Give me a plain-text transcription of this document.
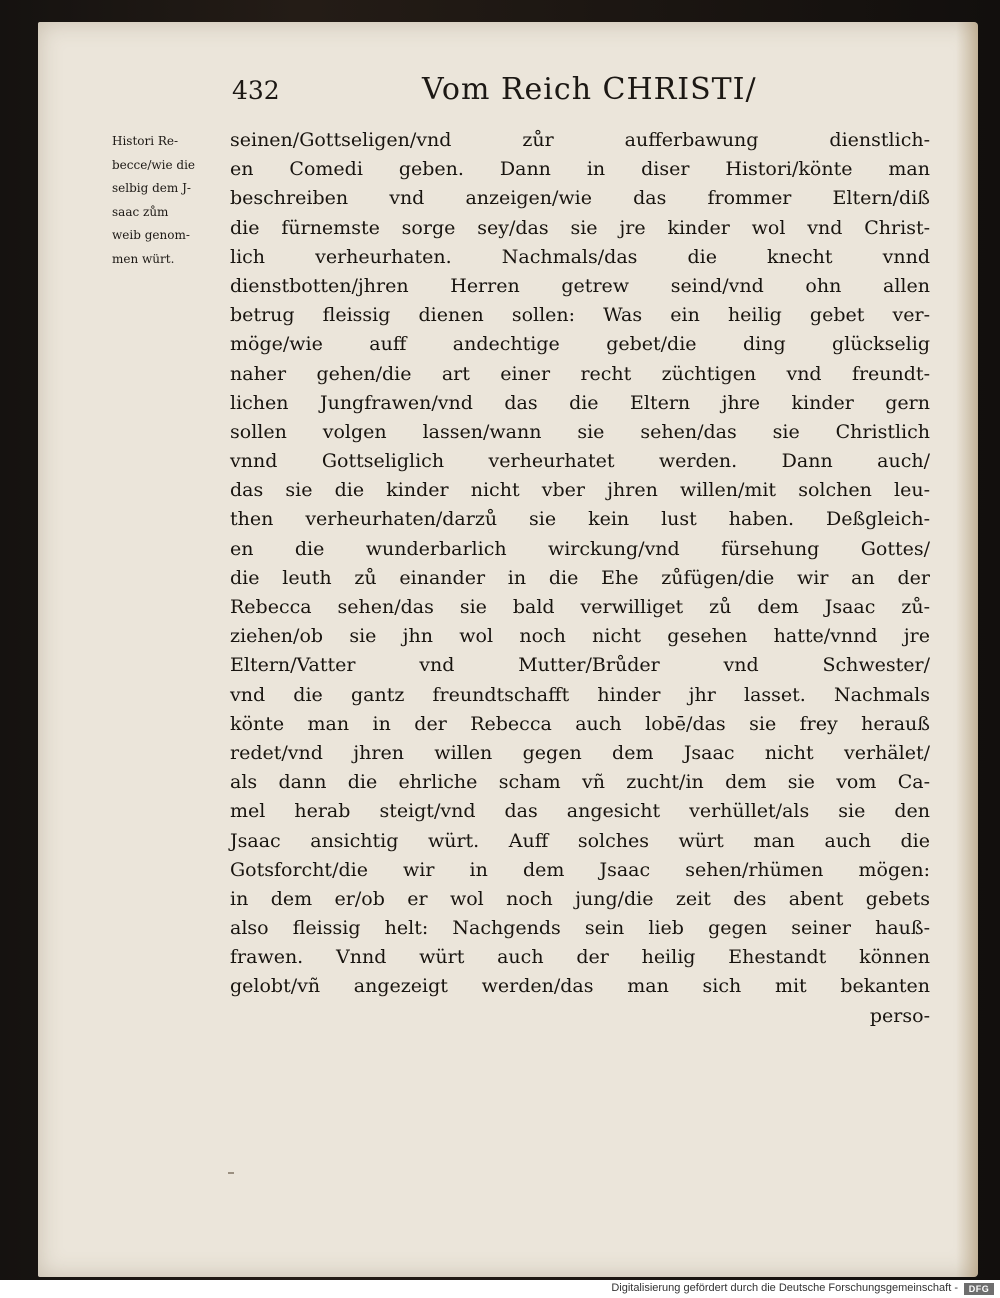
432	Vom Reich CHRISTI/
Histori Re-
becce/wie die
selbig dem J-
saac zům
weib genom-
men würt.
seinen/Gottseligen/vnd zůr aufferbawung dienstlich-
en Comedi geben. Dann in diser Histori/könte man
beschreiben vnd anzeigen/wie das frommer Eltern/diß
die fürnemste sorge sey/das sie jre kinder wol vnd Christ-
lich verheurhaten. Nachmals/das die knecht vnnd
dienstbotten/jhren Herren getrew seind/vnd ohn allen
betrug fleissig dienen sollen: Was ein heilig gebet ver-
möge/wie auff andechtige gebet/die ding glückselig
naher gehen/die art einer recht züchtigen vnd freundt-
lichen Jungfrawen/vnd das die Eltern jhre kinder gern
sollen volgen lassen/wann sie sehen/das sie Christlich
vnnd Gottseliglich verheurhatet werden. Dann auch/
das sie die kinder nicht vber jhren willen/mit solchen leu-
then verheurhaten/darzů sie kein lust haben. Deßgleich-
en die wunderbarlich wirckung/vnd fürsehung Gottes/
die leuth zů einander in die Ehe zůfügen/die wir an der
Rebecca sehen/das sie bald verwilliget zů dem Jsaac zů-
ziehen/ob sie jhn wol noch nicht gesehen hatte/vnnd jre
Eltern/Vatter vnd Mutter/Brůder vnd Schwester/
vnd die gantz freundtschafft hinder jhr lasset. Nachmals
könte man in der Rebecca auch lobē/das sie frey herauß
redet/vnd jhren willen gegen dem Jsaac nicht verhälet/
als dann die ehrliche scham vñ zucht/in dem sie vom Ca-
mel herab steigt/vnd das angesicht verhüllet/als sie den
Jsaac ansichtig würt. Auff solches würt man auch die
Gotsforcht/die wir in dem Jsaac sehen/rhümen mögen:
in dem er/ob er wol noch jung/die zeit des abent gebets
also fleissig helt: Nachgends sein lieb gegen seiner hauß-
frawen. Vnnd würt auch der heilig Ehestandt können
gelobt/vñ angezeigt werden/das man sich mit bekanten
perso-
Digitalisierung gefördert durch die Deutsche Forschungsgemeinschaft -	DFG
